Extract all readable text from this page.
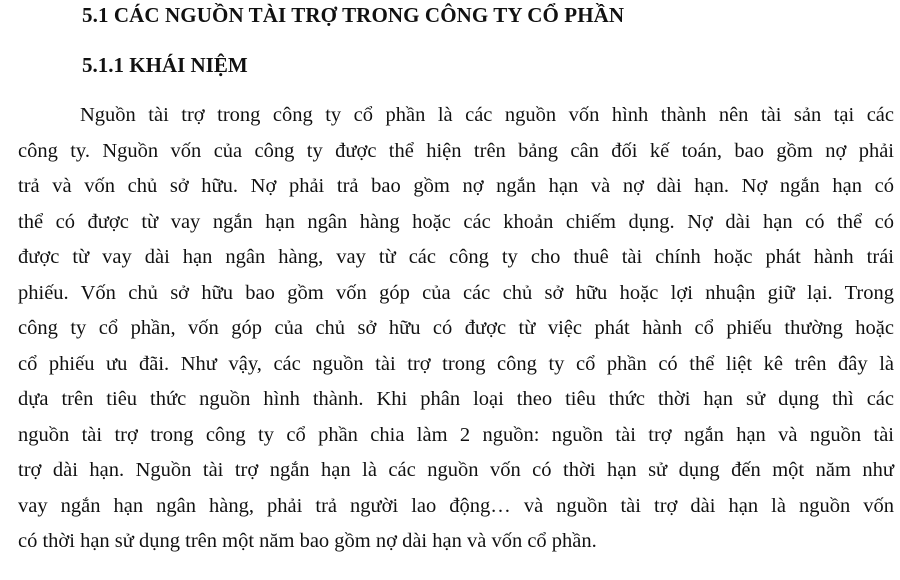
5.1 CÁC NGUỒN TÀI TRỢ TRONG CÔNG TY CỔ PHẦN
5.1.1 KHÁI NIỆM
Nguồn tài trợ trong công ty cổ phần là các nguồn vốn hình thành nên tài sản tại các
công ty. Nguồn vốn của công ty được thể hiện trên bảng cân đối kế toán, bao gồm nợ phải
trả và vốn chủ sở hữu. Nợ phải trả bao gồm nợ ngắn hạn và nợ dài hạn. Nợ ngắn hạn có
thể có được từ vay ngắn hạn ngân hàng hoặc các khoản chiếm dụng. Nợ dài hạn có thể có
được từ vay dài hạn ngân hàng, vay từ các công ty cho thuê tài chính hoặc phát hành trái
phiếu. Vốn chủ sở hữu bao gồm vốn góp của các chủ sở hữu hoặc lợi nhuận giữ lại. Trong
công ty cổ phần, vốn góp của chủ sở hữu có được từ việc phát hành cổ phiếu thường hoặc
cổ phiếu ưu đãi. Như vậy, các nguồn tài trợ trong công ty cổ phần có thể liệt kê trên đây là
dựa trên tiêu thức nguồn hình thành. Khi phân loại theo tiêu thức thời hạn sử dụng thì các
nguồn tài trợ trong công ty cổ phần chia làm 2 nguồn: nguồn tài trợ ngắn hạn và nguồn tài
trợ dài hạn. Nguồn tài trợ ngắn hạn là các nguồn vốn có thời hạn sử dụng đến một năm như
vay ngắn hạn ngân hàng, phải trả người lao động… và nguồn tài trợ dài hạn là nguồn vốn
có thời hạn sử dụng trên một năm bao gồm nợ dài hạn và vốn cổ phần.
